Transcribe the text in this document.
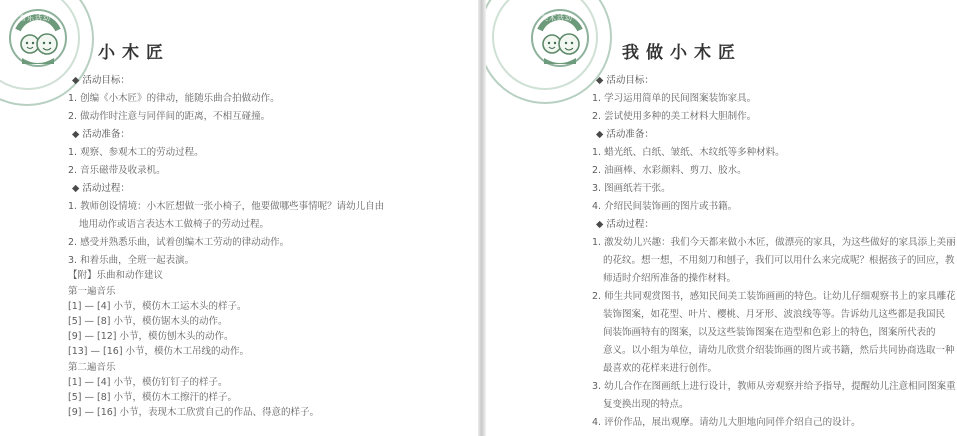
音乐活动
小木匠
◆ 活动目标：
1. 创编《小木匠》的律动，能随乐曲合拍做动作。
2. 做动作时注意与同伴间的距离，不相互碰撞。
◆ 活动准备：
1. 观察、参观木工的劳动过程。
2. 音乐磁带及收录机。
◆ 活动过程：
1. 教师创设情境：小木匠想做一张小椅子，他要做哪些事情呢？请幼儿自由
地用动作或语言表达木工做椅子的劳动过程。
2. 感受并熟悉乐曲，试着创编木工劳动的律动动作。
3. 和着乐曲，全班一起表演。
【附】乐曲和动作建议
第一遍音乐
[1] — [4] 小节，模仿木工运木头的样子。
[5] — [8] 小节，模仿锯木头的动作。
[9] — [12] 小节，模仿刨木头的动作。
[13] — [16] 小节，模仿木工吊线的动作。
第二遍音乐
[1] — [4] 小节，模仿钉钉子的样子。
[5] — [8] 小节，模仿木工擦汗的样子。
[9] — [16] 小节，表现木工欣赏自己的作品、得意的样子。
美术活动
我做小木匠
◆ 活动目标：
1. 学习运用简单的民间图案装饰家具。
2. 尝试使用多种的美工材料大胆制作。
◆ 活动准备：
1. 蜡光纸、白纸、皱纸、木纹纸等多种材料。
2. 油画棒、水彩颜料、剪刀、胶水。
3. 图画纸若干张。
4. 介绍民间装饰画的图片或书籍。
◆ 活动过程：
1. 激发幼儿兴趣：我们今天都来做小木匠，做漂亮的家具，为这些做好的家具添上美丽
的花纹。想一想，不用刻刀和刨子，我们可以用什么来完成呢？根据孩子的回应，教
师适时介绍所准备的操作材料。
2. 师生共同观赏图书，感知民间美工装饰画画的特色。让幼儿仔细观察书上的家具雕花
装饰图案，如花型、叶片、樱桃、月牙形、波浪线等等。告诉幼儿这些都是我国民
间装饰画特有的图案，以及这些装饰图案在造型和色彩上的特色，图案所代表的
意义。以小组为单位，请幼儿欣赏介绍装饰画的图片或书籍，然后共同协商选取一种
最喜欢的花样来进行创作。
3. 幼儿合作在图画纸上进行设计，教师从旁观察并给予指导，提醒幼儿注意相同图案重
复变换出现的特点。
4. 评价作品，展出观摩。请幼儿大胆地向同伴介绍自己的设计。
